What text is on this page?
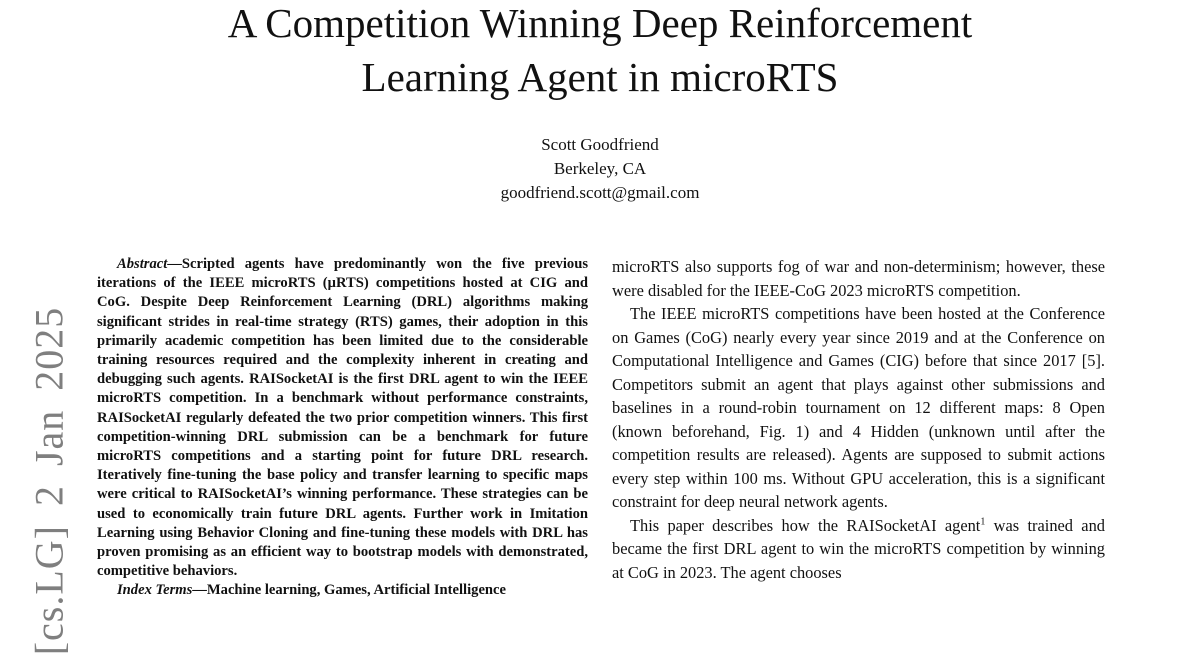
A Competition Winning Deep Reinforcement
Learning Agent in microRTS
Scott Goodfriend
Berkeley, CA
goodfriend.scott@gmail.com
[cs.LG] 2 Jan 2025

Abstract—Scripted agents have predominantly won the five previous iterations of the IEEE microRTS (μRTS) competitions hosted at CIG and CoG. Despite Deep Reinforcement Learning (DRL) algorithms making significant strides in real-time strategy (RTS) games, their adoption in this primarily academic competition has been limited due to the considerable training resources required and the complexity inherent in creating and debugging such agents. RAISocketAI is the first DRL agent to win the IEEE microRTS competition. In a benchmark without performance constraints, RAISocketAI regularly defeated the two prior competition winners. This first competition-winning DRL submission can be a benchmark for future microRTS competitions and a starting point for future DRL research. Iteratively fine-tuning the base policy and transfer learning to specific maps were critical to RAISocketAI’s winning performance. These strategies can be used to economically train future DRL agents. Further work in Imitation Learning using Behavior Cloning and fine-tuning these models with DRL has proven promising as an efficient way to bootstrap models with demonstrated, competitive behaviors.

Index Terms—Machine learning, Games, Artificial Intelligence

microRTS also supports fog of war and non-determinism; however, these were disabled for the IEEE-CoG 2023 microRTS competition.

The IEEE microRTS competitions have been hosted at the Conference on Games (CoG) nearly every year since 2019 and at the Conference on Computational Intelligence and Games (CIG) before that since 2017 [5]. Competitors submit an agent that plays against other submissions and baselines in a round-robin tournament on 12 different maps: 8 Open (known beforehand, Fig. 1) and 4 Hidden (unknown until after the competition results are released). Agents are supposed to submit actions every step within 100 ms. Without GPU acceleration, this is a significant constraint for deep neural network agents.

This paper describes how the RAISocketAI agent$^1$ was trained and became the first DRL agent to win the microRTS competition by winning at CoG in 2023. The agent chooses
